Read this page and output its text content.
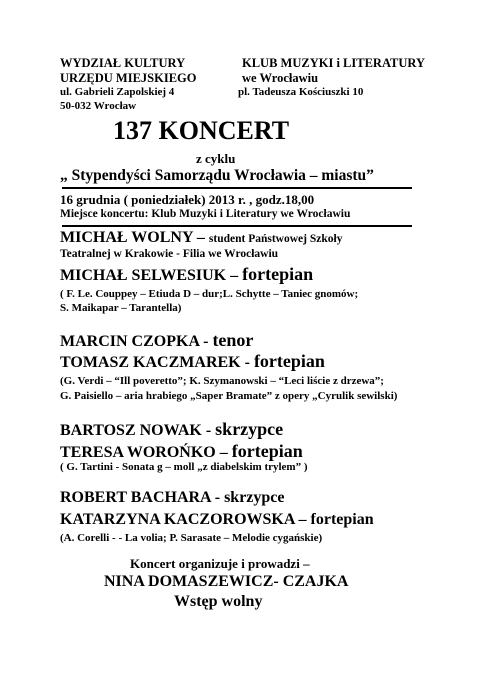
WYDZIAŁ KULTURY
URZĘDU MIEJSKIEGO
ul. Gabrieli Zapolskiej 4
50-032 Wrocław
KLUB MUZYKI i LITERATURY
we Wrocławiu
pl. Tadeusza Kościuszki 10
137 KONCERT
z cyklu
„ Stypendyści Samorządu Wrocławia – miastu”
16 grudnia ( poniedziałek) 2013 r. , godz.18,00
Miejsce koncertu: Klub Muzyki i Literatury we Wrocławiu
MICHAŁ WOLNY – student Państwowej Szkoły
Teatralnej w Krakowie - Filia we Wrocławiu
MICHAŁ SELWESIUK – fortepian
( F. Le. Couppey – Etiuda D – dur;L. Schytte – Taniec gnomów;
S. Maikapar – Tarantella)
MARCIN CZOPKA - tenor
TOMASZ KACZMAREK - fortepian
(G. Verdi – “Ill poveretto”; K. Szymanowski – “Leci liście z drzewa”;
G. Paisiello – aria hrabiego „Saper Bramate” z opery „Cyrulik sewilski)
BARTOSZ NOWAK - skrzypce
TERESA WOROŃKO – fortepian
( G. Tartini - Sonata g – moll „z diabelskim trylem” )
ROBERT BACHARA - skrzypce
KATARZYNA KACZOROWSKA – fortepian
(A. Corelli - - La volia; P. Sarasate – Melodie cygańskie)
Koncert organizuje i prowadzi –
NINA DOMASZEWICZ- CZAJKA
Wstęp wolny
